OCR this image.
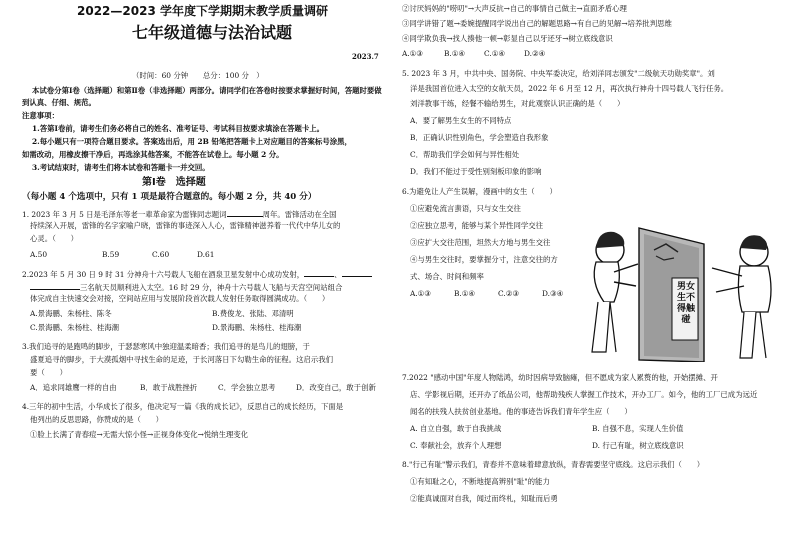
2022—2023 学年度下学期期末教学质量调研
七年级道德与法治试题
2023.7
（时间：60 分钟　　总分：100 分　）
本试卷分第Ⅰ卷（选择题）和第Ⅱ卷（非选择题）两部分。请同学们在答卷时按要求掌握好时间，答题时要做
到认真、仔细、规范。
注意事项：
1.答第Ⅰ卷前，请考生们务必将自己的姓名、准考证号、考试科目按要求填涂在答题卡上。
2.每小题只有一项符合题目要求。答案选出后，用 2B 铅笔把答题卡上对应题目的答案标号涂黑，
如需改动，用橡皮擦干净后，再选涂其他答案，不能答在试卷上。每小题 2 分。
3.考试结束时，请考生们将本试卷和答题卡一并交回。
第Ⅰ卷　选择题
（每小题 4 个选项中，只有 1 项是最符合题意的。每小题 2 分，共 40 分）
1. 2023 年 3 月 5 日是毛泽东等老一辈革命家为雷锋同志题词	周年。雷锋活动在全国
持续深入开展，雷锋的名字家喻户晓，雷锋的事迹深入人心，雷锋精神滋养着一代代中华儿女的
心灵。（　　）
A.50	B.59	C.60	D.61
2.2023 年 5 月 30 日 9 时 31 分神舟十六号载人飞船在酒泉卫星发射中心成功发射，	、
三名航天员顺利进入太空。16 时 29 分，神舟十六号载人飞船与天宫空间站组合
体完成自主快速交会对接，空间站应用与发展阶段首次载人发射任务取得圆满成功。（　　）
A.景海鹏、朱杨柱、陈冬	B.费俊龙、张陆、邓清明
C.景海鹏、朱杨柱、桂海潮	D.景海鹏、朱杨柱、桂海潮
3.我们追寻的是跑鸣的脚步，于瑟瑟寒风中独迎温柔暗香；我们追寻的是鸟儿的翅膀，于
盛夏追寻的脚步，于大漠孤烟中寻找生命的足迹，于长河落日下勾勒生命的征程。这启示我们
要（　　）
A．追求同雄鹰一样的自由	B．敢于战胜挫折	C．学会独立思考	D．改变自己，敢于创新
4.三年的初中生活，小华成长了很多，他决定写一篇《我的成长记》，反思自己的成长经历，下面是
他列出的反思思路，你赞成的是（　　）
①脸上长满了青春痘→无需大惊小怪→正视身体变化→悦纳生理变化
②讨厌妈妈的"唠叨"→大声反抗→自己的事情自己做主→直面矛盾心理
③同学讲错了题→委婉提醒同学说出自己的解题思路→有自己的见解→培养批判思维
④同学欺负我→找人揍他一顿→彰显自己以牙还牙→树立底线意识
A.①③	B.①④	C.①④	D.②④
5. 2023 年 3 月，中共中央、国务院、中央军委决定，给刘洋同志颁发"二级航天功勋奖章"。刘
洋是我国首位进入太空的女航天员，2022 年 6 月至 12 月，再次执行神舟十四号载人飞行任务。
刘洋教事干练，经餐不输给男生，对此观察认识正确的是（　　）
A．要了解男生女生的不同特点
B．正确认识性别角色，学会塑造自我形象
C．帮助我们学会如何与异性相处
D．我们不能过于受性别刻板印象的影响
6.为避免让人产生误解，漫画中的女生（　　）
①应避免流言蜚语，只与女生交往
②应独立思考，能够与某个异性同学交往
③应扩大交往范围，坦然大方地与男生交往
④与男生交往时，要掌握分寸，注意交往的方
式、场合、时间和频率
A.①③	B.①④	C.②③	D.③④
男女生不得触碰
7.2022 "感动中国"年度人物陆鸿，幼时因病导致脑瘫，但不愿成为家人累赘的他，开始摆摊、开
店、学影视后期，还开办了纸品公司，他帮助残疾人掌握工作技术，开办工厂。如今，他的工厂已成为远近
闻名的扶残人扶贫创业基地。他的事迹告诉我们青年学生应（　　）
A. 自立自强，敢于自我挑战	B. 自强不息，实现人生价值
C. 奉献社会，放弃个人理想	D. 行己有耻，树立底线意识
8."行己有耻"警示我们，青春并不意味着肆意放纵，青春需要坚守底线。这启示我们（　　）
①有知耻之心，不断地提高辨别"耻"的能力
②能真诚面对自我，闻过而终札，知耻而后勇
